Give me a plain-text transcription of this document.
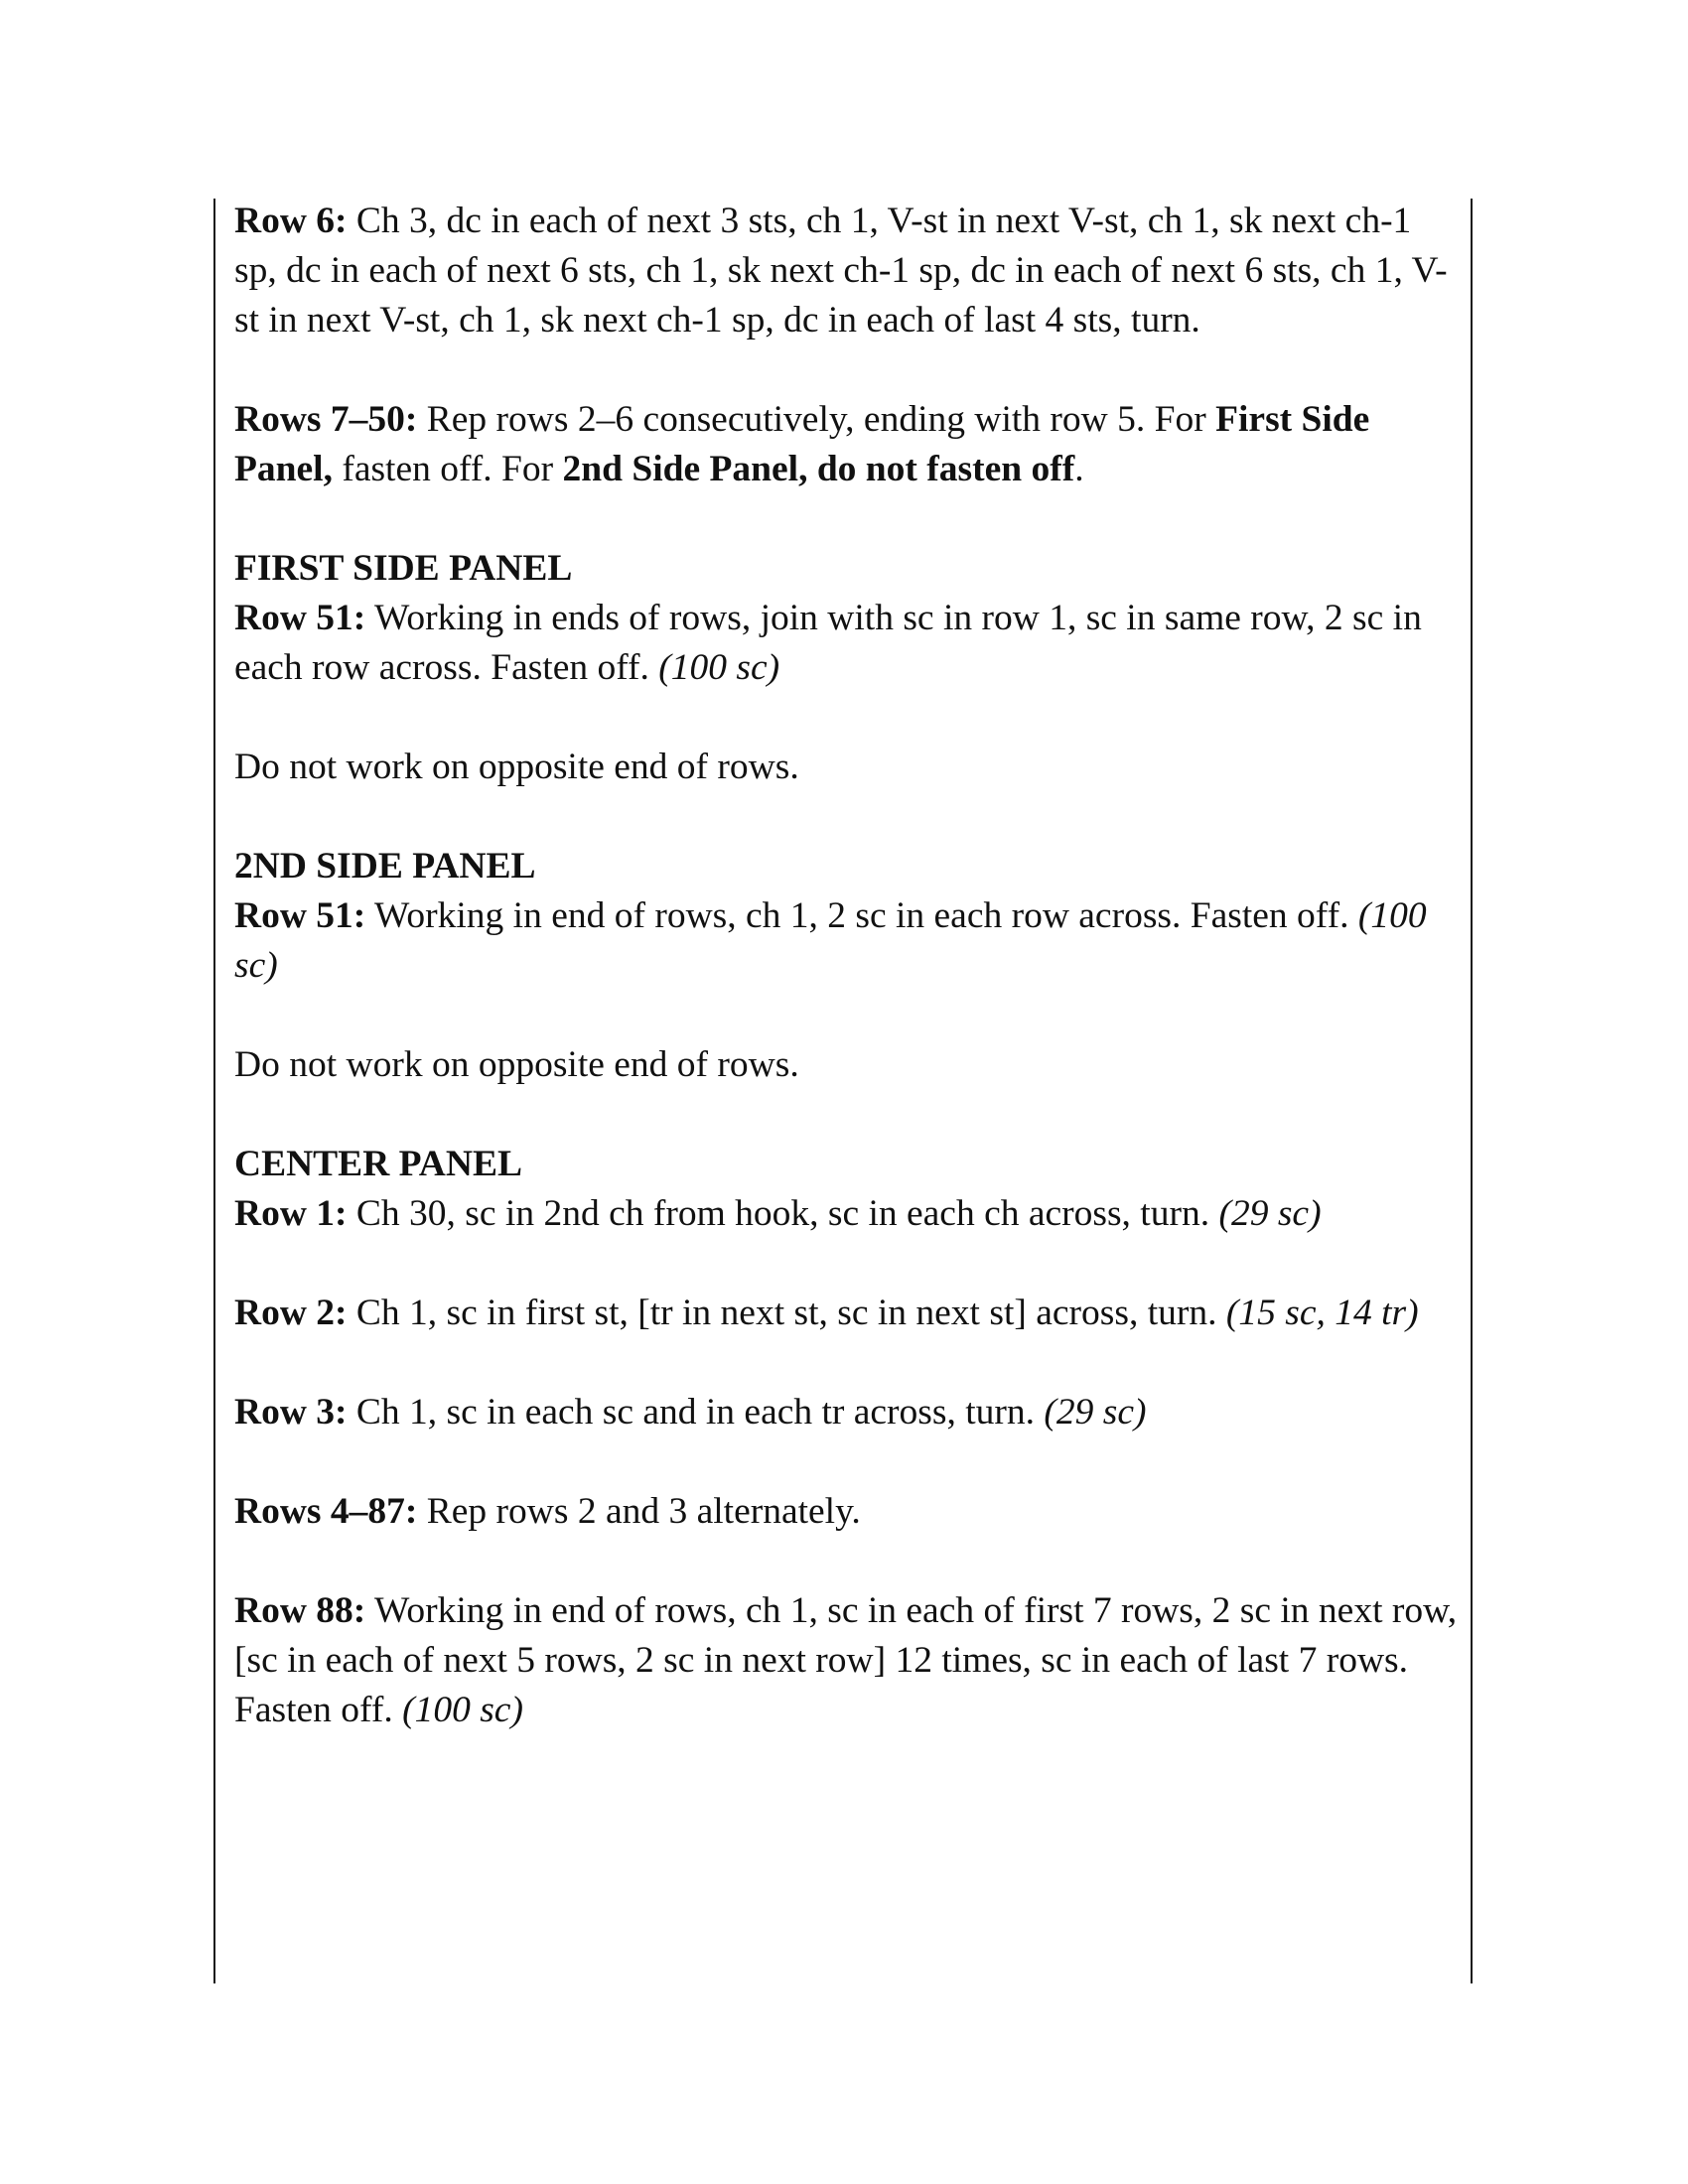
Row 6: Ch 3, dc in each of next 3 sts, ch 1, V-st in next V-st, ch 1, sk next ch-1 sp, dc in each of next 6 sts, ch 1, sk next ch-1 sp, dc in each of next 6 sts, ch 1, V-st in next V-st, ch 1, sk next ch-1 sp, dc in each of last 4 sts, turn.

Rows 7–50: Rep rows 2–6 consecutively, ending with row 5. For First Side Panel, fasten off. For 2nd Side Panel, do not fasten off.

FIRST SIDE PANEL

Row 51: Working in ends of rows, join with sc in row 1, sc in same row, 2 sc in each row across. Fasten off. (100 sc)

Do not work on opposite end of rows.

2ND SIDE PANEL

Row 51: Working in end of rows, ch 1, 2 sc in each row across. Fasten off. (100 sc)

Do not work on opposite end of rows.

CENTER PANEL

Row 1: Ch 30, sc in 2nd ch from hook, sc in each ch across, turn. (29 sc)

Row 2: Ch 1, sc in first st, [tr in next st, sc in next st] across, turn. (15 sc, 14 tr)

Row 3: Ch 1, sc in each sc and in each tr across, turn. (29 sc)

Rows 4–87: Rep rows 2 and 3 alternately.

Row 88: Working in end of rows, ch 1, sc in each of first 7 rows, 2 sc in next row, [sc in each of next 5 rows, 2 sc in next row] 12 times, sc in each of last 7 rows. Fasten off. (100 sc)
